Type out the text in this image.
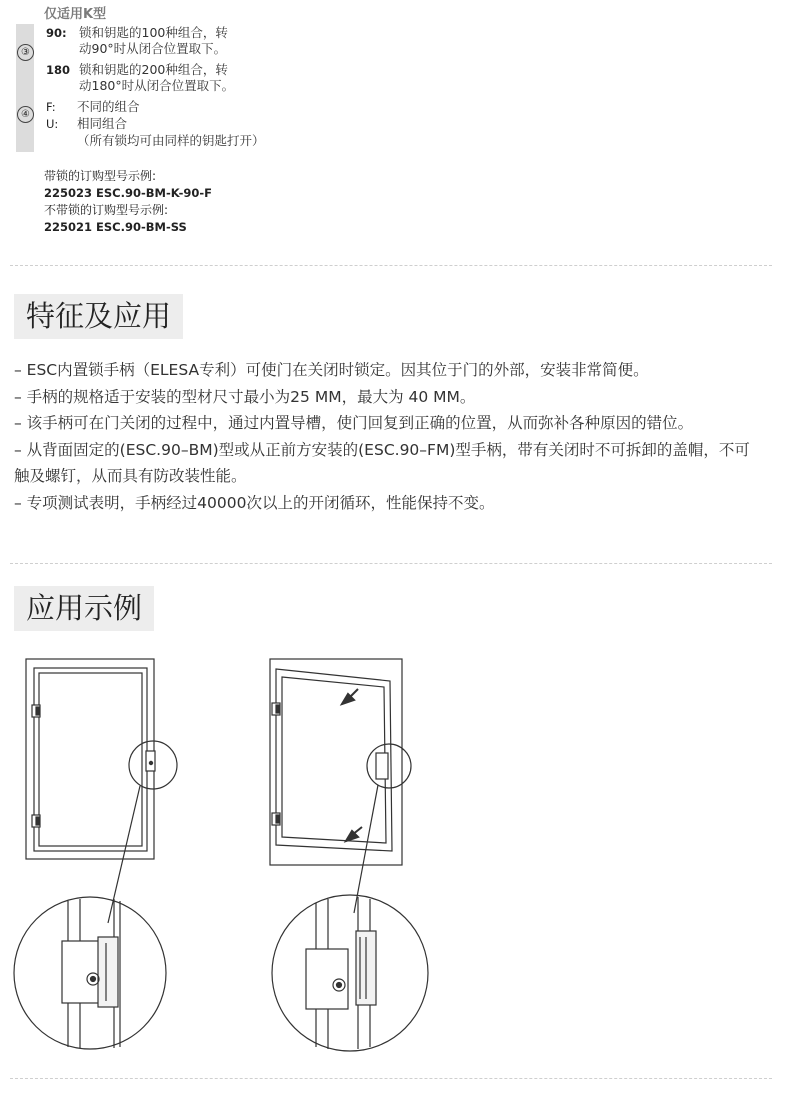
仅适用K型
③
90: 锁和钥匙的100种组合，转
动90°时从闭合位置取下。
180 锁和钥匙的200种组合，转
动180°时从闭合位置取下。
④
F: 不同的组合
U: 相同组合
（所有锁均可由同样的钥匙打开）
带锁的订购型号示例:
225023 ESC.90-BM-K-90-F
不带锁的订购型号示例:
225021 ESC.90-BM-SS
特征及应用
– ESC内置锁手柄（ELESA专利）可使门在关闭时锁定。因其位于门的外部，安装非常简便。
– 手柄的规格适于安装的型材尺寸最小为25 MM，最大为 40 MM。
– 该手柄可在门关闭的过程中，通过内置导槽，使门回复到正确的位置，从而弥补各种原因的错位。
– 从背面固定的(ESC.90–BM)型或从正前方安装的(ESC.90–FM)型手柄，带有关闭时不可拆卸的盖帽，不可触及螺钉，从而具有防改装性能。
– 专项测试表明，手柄经过40000次以上的开闭循环，性能保持不变。
应用示例
